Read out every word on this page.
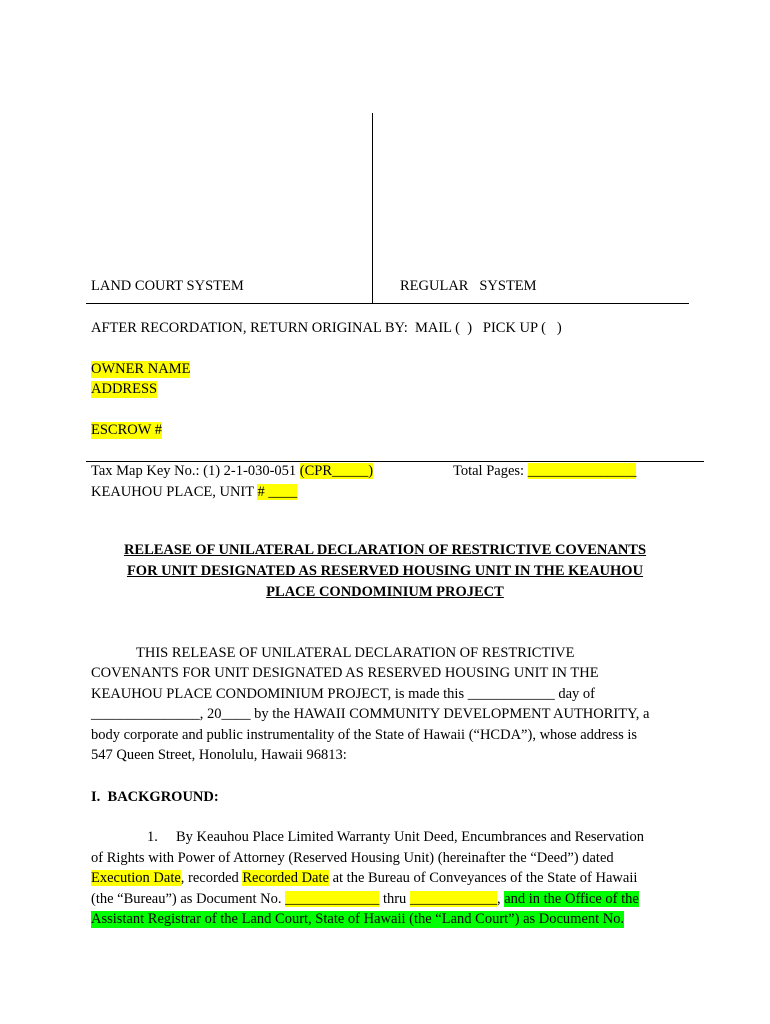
LAND COURT SYSTEM	REGULAR   SYSTEM
AFTER RECORDATION, RETURN ORIGINAL BY:  MAIL (  )   PICK UP (   )
OWNER NAME
ADDRESS
ESCROW #
Tax Map Key No.: (1) 2-1-030-051 (CPR_____)	Total Pages: _______________
KEAUHOU PLACE, UNIT # ____
RELEASE OF UNILATERAL DECLARATION OF RESTRICTIVE COVENANTS
FOR UNIT DESIGNATED AS RESERVED HOUSING UNIT IN THE KEAUHOU
PLACE CONDOMINIUM PROJECT
THIS RELEASE OF UNILATERAL DECLARATION OF RESTRICTIVE
COVENANTS FOR UNIT DESIGNATED AS RESERVED HOUSING UNIT IN THE
KEAUHOU PLACE CONDOMINIUM PROJECT, is made this ____________ day of
_______________, 20____ by the HAWAII COMMUNITY DEVELOPMENT AUTHORITY, a
body corporate and public instrumentality of the State of Hawaii (“HCDA”), whose address is
547 Queen Street, Honolulu, Hawaii 96813:
I.  BACKGROUND:
1.     By Keauhou Place Limited Warranty Unit Deed, Encumbrances and Reservation
of Rights with Power of Attorney (Reserved Housing Unit) (hereinafter the “Deed”) dated
Execution Date, recorded Recorded Date at the Bureau of Conveyances of the State of Hawaii
(the “Bureau”) as Document No. _____________ thru ____________, and in the Office of the
Assistant Registrar of the Land Court, State of Hawaii (the “Land Court”) as Document No.
